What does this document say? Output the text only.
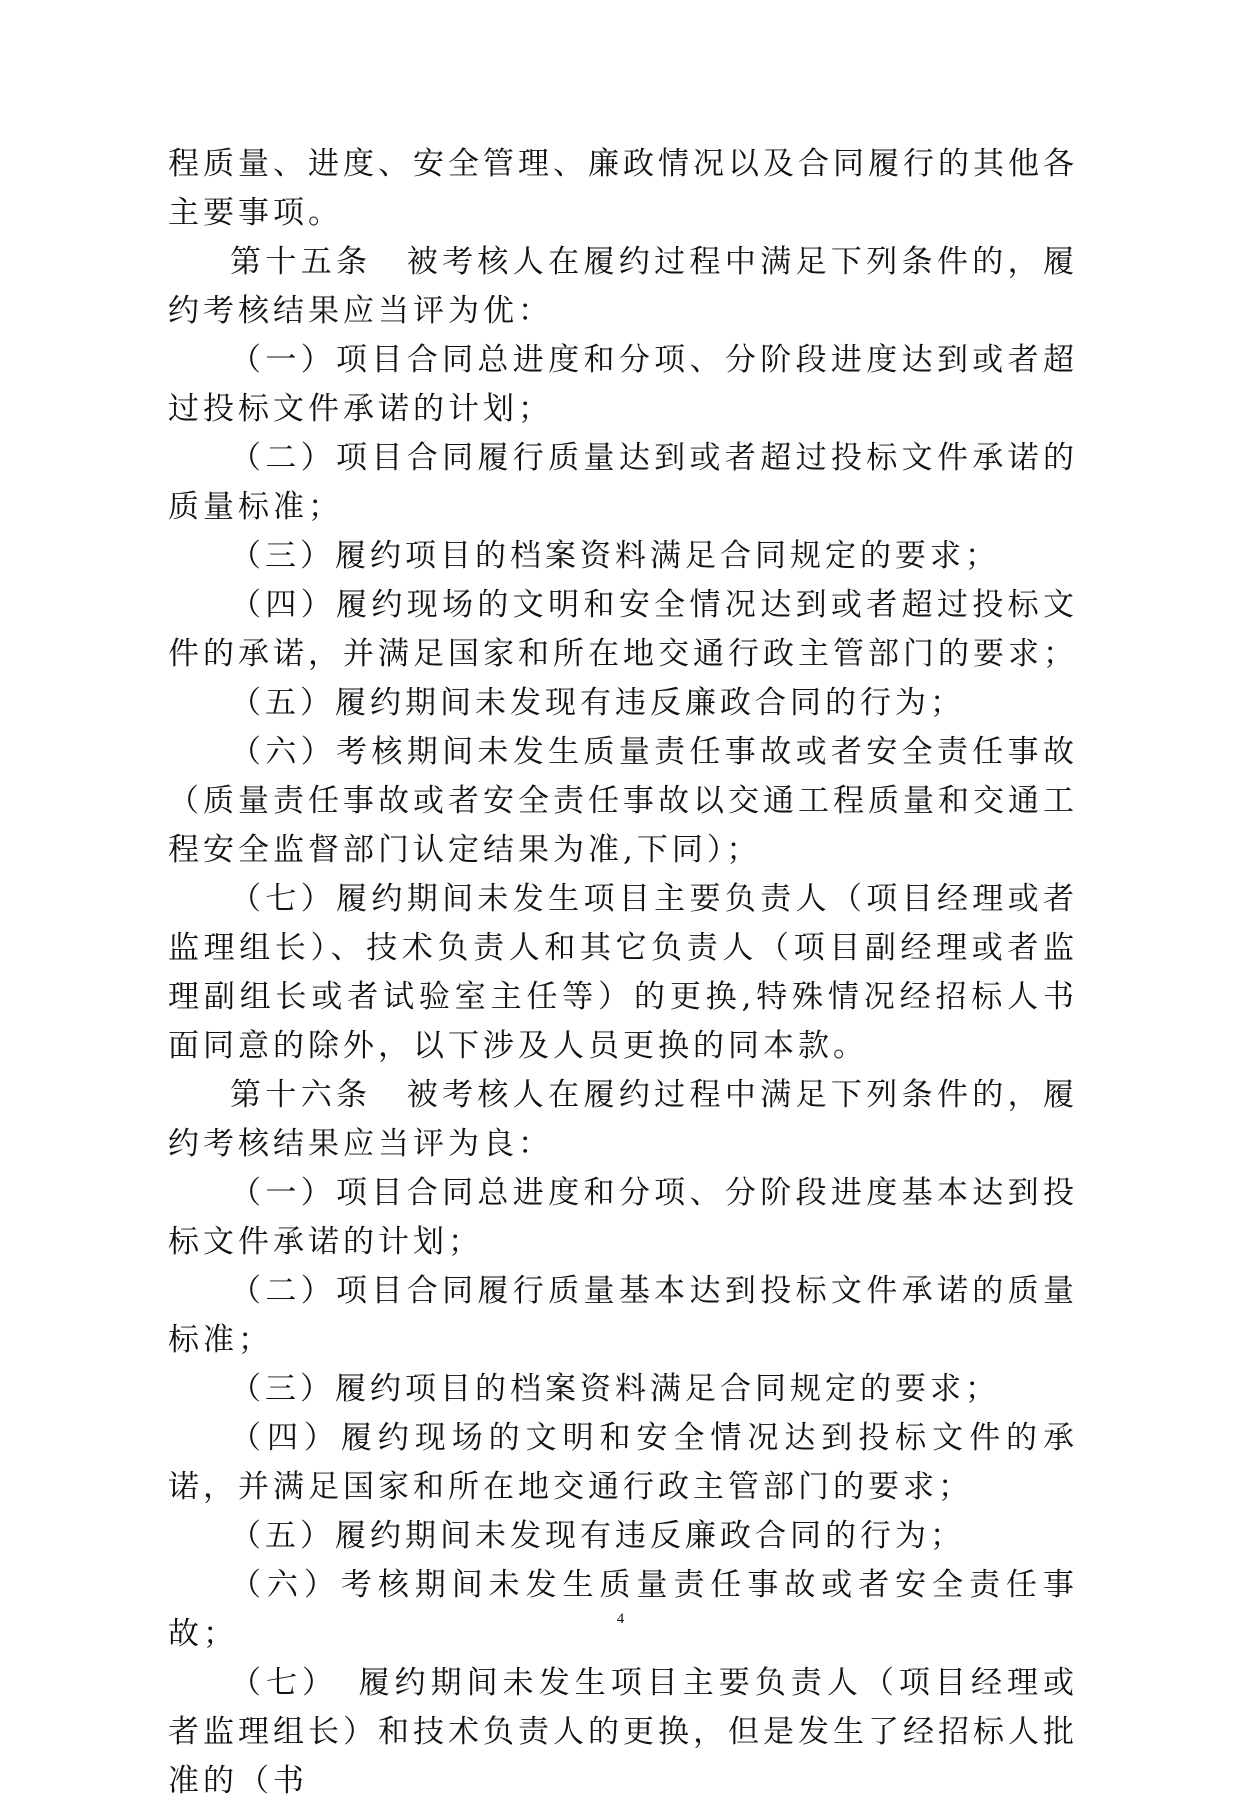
程质量、进度、安全管理、廉政情况以及合同履行的其他各主要事项。

第十五条　被考核人在履约过程中满足下列条件的，履约考核结果应当评为优：

（一）项目合同总进度和分项、分阶段进度达到或者超过投标文件承诺的计划；

（二）项目合同履行质量达到或者超过投标文件承诺的质量标准；

（三）履约项目的档案资料满足合同规定的要求；

（四）履约现场的文明和安全情况达到或者超过投标文件的承诺，并满足国家和所在地交通行政主管部门的要求；

（五）履约期间未发现有违反廉政合同的行为；

（六）考核期间未发生质量责任事故或者安全责任事故（质量责任事故或者安全责任事故以交通工程质量和交通工程安全监督部门认定结果为准,下同）；

（七）履约期间未发生项目主要负责人（项目经理或者监理组长）、技术负责人和其它负责人（项目副经理或者监理副组长或者试验室主任等）的更换,特殊情况经招标人书面同意的除外，以下涉及人员更换的同本款。

第十六条　被考核人在履约过程中满足下列条件的，履约考核结果应当评为良：

（一）项目合同总进度和分项、分阶段进度基本达到投标文件承诺的计划；

（二）项目合同履行质量基本达到投标文件承诺的质量标准；

（三）履约项目的档案资料满足合同规定的要求；

（四）履约现场的文明和安全情况达到投标文件的承诺，并满足国家和所在地交通行政主管部门的要求；

（五）履约期间未发现有违反廉政合同的行为；

（六）考核期间未发生质量责任事故或者安全责任事故；

（七）　履约期间未发生项目主要负责人（项目经理或者监理组长）和技术负责人的更换，但是发生了经招标人批准的（书

4
